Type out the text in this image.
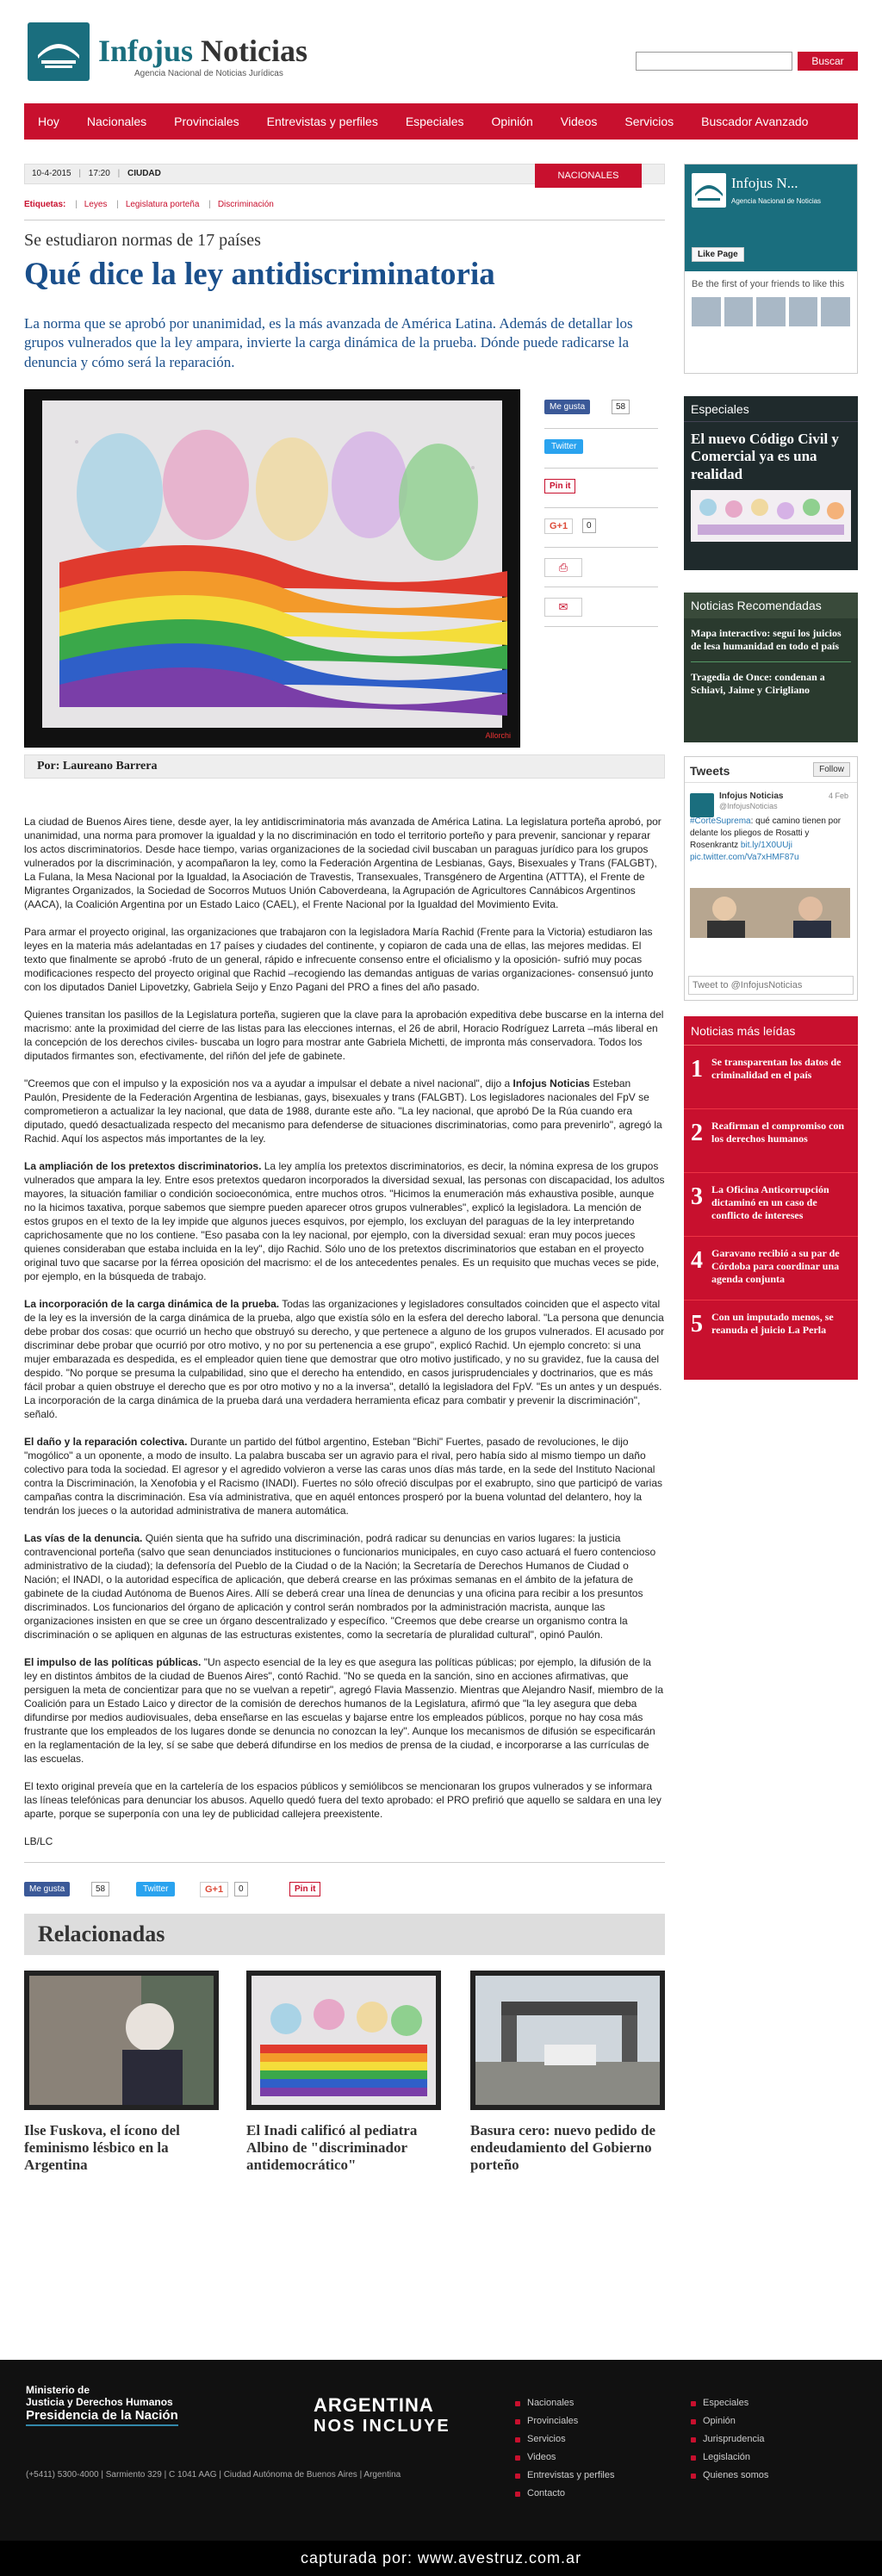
Infojus Noticias
Agencia Nacional de Noticias Jurídicas
Buscar
Hoy	Nacionales	Provinciales	Entrevistas y perfiles	Especiales	Opinión	Videos	Servicios	Buscador Avanzado
10-4-2015 | 17:20 | CIUDAD	NACIONALES
Etiquetas: | Leyes | Legislatura porteña | Discriminación
Se estudiaron normas de 17 países
Qué dice la ley antidiscriminatoria
La norma que se aprobó por unanimidad, es la más avanzada de América Latina. Además de detallar los grupos vulnerados que la ley ampara, invierte la carga dinámica de la prueba. Dónde puede radicarse la denuncia y cómo será la reparación.
Allorchi
Me gusta	58
Twitter
Pin it
G+1	0
⎙
✉
Por: Laureano Barrera

La ciudad de Buenos Aires tiene, desde ayer, la ley antidiscriminatoria más avanzada de América Latina. La legislatura porteña aprobó, por unanimidad, una norma para promover la igualdad y la no discriminación en todo el territorio porteño y para prevenir, sancionar y reparar los actos discriminatorios. Desde hace tiempo, varias organizaciones de la sociedad civil buscaban un paraguas jurídico para los grupos vulnerados por la discriminación, y acompañaron la ley, como la Federación Argentina de Lesbianas, Gays, Bisexuales y Trans (FALGBT), La Fulana, la Mesa Nacional por la Igualdad, la Asociación de Travestis, Transexuales, Transgénero de Argentina (ATTTA), el Frente de Migrantes Organizados, la Sociedad de Socorros Mutuos Unión Caboverdeana, la Agrupación de Agricultores Cannábicos Argentinos (AACA), la Coalición Argentina por un Estado Laico (CAEL), el Frente Nacional por la Igualdad del Movimiento Evita.

Para armar el proyecto original, las organizaciones que trabajaron con la legisladora María Rachid (Frente para la Victoria) estudiaron las leyes en la materia más adelantadas en 17 países y ciudades del continente, y copiaron de cada una de ellas, las mejores medidas. El texto que finalmente se aprobó -fruto de un general, rápido e infrecuente consenso entre el oficialismo y la oposición- sufrió muy pocas modificaciones respecto del proyecto original que Rachid –recogiendo las demandas antiguas de varias organizaciones- consensuó junto con los diputados Daniel Lipovetzky, Gabriela Seijo y Enzo Pagani del PRO a fines del año pasado.

Quienes transitan los pasillos de la Legislatura porteña, sugieren que la clave para la aprobación expeditiva debe buscarse en la interna del macrismo: ante la proximidad del cierre de las listas para las elecciones internas, el 26 de abril, Horacio Rodríguez Larreta –más liberal en la concepción de los derechos civiles- buscaba un logro para mostrar ante Gabriela Michetti, de impronta más conservadora. Todos los diputados firmantes son, efectivamente, del riñón del jefe de gabinete.

"Creemos que con el impulso y la exposición nos va a ayudar a impulsar el debate a nivel nacional", dijo a Infojus Noticias Esteban Paulón, Presidente de la Federación Argentina de lesbianas, gays, bisexuales y trans (FALGBT). Los legisladores nacionales del FpV se comprometieron a actualizar la ley nacional, que data de 1988, durante este año. "La ley nacional, que aprobó De la Rúa cuando era diputado, quedó desactualizada respecto del mecanismo para defenderse de situaciones discriminatorias, como para prevenirlo", agregó la Rachid. Aquí los aspectos más importantes de la ley.

La ampliación de los pretextos discriminatorios. La ley amplía los pretextos discriminatorios, es decir, la nómina expresa de los grupos vulnerados que ampara la ley. Entre esos pretextos quedaron incorporados la diversidad sexual, las personas con discapacidad, los adultos mayores, la situación familiar o condición socioeconómica, entre muchos otros. "Hicimos la enumeración más exhaustiva posible, aunque no la hicimos taxativa, porque sabemos que siempre pueden aparecer otros grupos vulnerables", explicó la legisladora. La mención de estos grupos en el texto de la ley impide que algunos jueces esquivos, por ejemplo, los excluyan del paraguas de la ley interpretando caprichosamente que no los contiene. "Eso pasaba con la ley nacional, por ejemplo, con la diversidad sexual: eran muy pocos jueces quienes consideraban que estaba incluida en la ley", dijo Rachid. Sólo uno de los pretextos discriminatorios que estaban en el proyecto original tuvo que sacarse por la férrea oposición del macrismo: el de los antecedentes penales. Es un requisito que muchas veces se pide, por ejemplo, en la búsqueda de trabajo.

La incorporación de la carga dinámica de la prueba. Todas las organizaciones y legisladores consultados coinciden que el aspecto vital de la ley es la inversión de la carga dinámica de la prueba, algo que existía sólo en la esfera del derecho laboral. "La persona que denuncia debe probar dos cosas: que ocurrió un hecho que obstruyó su derecho, y que pertenece a alguno de los grupos vulnerados. El acusado por discriminar debe probar que ocurrió por otro motivo, y no por su pertenencia a ese grupo", explicó Rachid. Un ejemplo concreto: si una mujer embarazada es despedida, es el empleador quien tiene que demostrar que otro motivo justificado, y no su gravidez, fue la causa del despido. "No porque se presuma la culpabilidad, sino que el derecho ha entendido, en casos jurisprudenciales y doctrinarios, que es más fácil probar a quien obstruye el derecho que es por otro motivo y no a la inversa", detalló la legisladora del FpV. "Es un antes y un después. La incorporación de la carga dinámica de la prueba dará una verdadera herramienta eficaz para combatir y prevenir la discriminación", señaló.

El daño y la reparación colectiva. Durante un partido del fútbol argentino, Esteban "Bichi" Fuertes, pasado de revoluciones, le dijo "mogólico" a un oponente, a modo de insulto. La palabra buscaba ser un agravio para el rival, pero había sido al mismo tiempo un daño colectivo para toda la sociedad. El agresor y el agredido volvieron a verse las caras unos días más tarde, en la sede del Instituto Nacional contra la Discriminación, la Xenofobia y el Racismo (INADI). Fuertes no sólo ofreció disculpas por el exabrupto, sino que participó de varias campañas contra la discriminación. Esa vía administrativa, que en aquél entonces prosperó por la buena voluntad del delantero, hoy la tendrán los jueces o la autoridad administrativa de manera automática.

Las vías de la denuncia. Quién sienta que ha sufrido una discriminación, podrá radicar su denuncias en varios lugares: la justicia contravencional porteña (salvo que sean denunciados instituciones o funcionarios municipales, en cuyo caso actuará el fuero contencioso administrativo de la ciudad); la defensoría del Pueblo de la Ciudad o de la Nación; la Secretaría de Derechos Humanos de Ciudad o Nación; el INADI, o la autoridad específica de aplicación, que deberá crearse en las próximas semanas en el ámbito de la jefatura de gabinete de la ciudad Autónoma de Buenos Aires. Allí se deberá crear una línea de denuncias y una oficina para recibir a los presuntos discriminados. Los funcionarios del órgano de aplicación y control serán nombrados por la administración macrista, aunque las organizaciones insisten en que se cree un órgano descentralizado y específico. "Creemos que debe crearse un organismo contra la discriminación o se apliquen en algunas de las estructuras existentes, como la secretaría de pluralidad cultural", opinó Paulón.

El impulso de las políticas públicas. "Un aspecto esencial de la ley es que asegura las políticas públicas; por ejemplo, la difusión de la ley en distintos ámbitos de la ciudad de Buenos Aires", contó Rachid. "No se queda en la sanción, sino en acciones afirmativas, que persiguen la meta de concientizar para que no se vuelvan a repetir", agregó Flavia Massenzio. Mientras que Alejandro Nasif, miembro de la Coalición para un Estado Laico y director de la comisión de derechos humanos de la Legislatura, afirmó que "la ley asegura que deba difundirse por medios audiovisuales, deba enseñarse en las escuelas y bajarse entre los empleados públicos, porque no hay cosa más frustrante que los empleados de los lugares donde se denuncia no conozcan la ley". Aunque los mecanismos de difusión se especificarán en la reglamentación de la ley, sí se sabe que deberá difundirse en los medios de prensa de la ciudad, e incorporarse a las currículas de las escuelas.

El texto original preveía que en la cartelería de los espacios públicos y semiólibcos se mencionaran los grupos vulnerados y se informara las líneas telefónicas para denunciar los abusos. Aquello quedó fuera del texto aprobado: el PRO prefirió que aquello se saldara en una ley aparte, porque se superponía con una ley de publicidad callejera preexistente.

LB/LC

Me gusta	58	Twitter	G+1	0	Pin it
Relacionadas
Ilse Fuskova, el ícono del feminismo lésbico en la Argentina
El Inadi calificó al pediatra Albino de "discriminador antidemocrático"
Basura cero: nuevo pedido de endeudamiento del Gobierno porteño
Infojus N...
Agencia Nacional de Noticias
Like Page
Be the first of your friends to like this
Especiales
El nuevo Código Civil y Comercial ya es una realidad
Noticias Recomendadas
Mapa interactivo: seguí los juicios de lesa humanidad en todo el país
Tragedia de Once: condenan a Schiavi, Jaime y Cirigliano
Tweets	Follow
Infojus Noticias
@InfojusNoticias
4 Feb
#CorteSuprema: qué camino tienen por delante los pliegos de Rosatti y Rosenkrantz bit.ly/1X0UUji pic.twitter.com/Va7xHMF87u
Tweet to @InfojusNoticias
Noticias más leídas
1 Se transparentan los datos de criminalidad en el país
2 Reafirman el compromiso con los derechos humanos
3 La Oficina Anticorrupción dictaminó en un caso de conflicto de intereses
4 Garavano recibió a su par de Córdoba para coordinar una agenda conjunta
5 Con un imputado menos, se reanuda el juicio La Perla
Ministerio de
Justicia y Derechos Humanos
Presidencia de la Nación
(+5411) 5300-4000 | Sarmiento 329 | C 1041 AAG | Ciudad Autónoma de Buenos Aires | Argentina
ARGENTINA
NOS INCLUYE
Nacionales
Provinciales
Servicios
Videos
Entrevistas y perfiles
Contacto
Especiales
Opinión
Jurisprudencia
Legislación
Quienes somos
capturada por: www.avestruz.com.ar
